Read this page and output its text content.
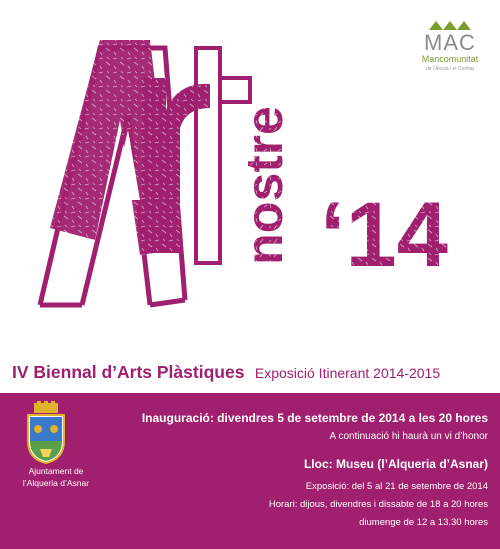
nostre ‘14
MAC
Mancomunitat
de l'Alcoià i el Comtat
IV Biennal d’Arts Plàstiques Exposició Itinerant 2014-2015
Ajuntament de
l’Alqueria d’Asnar

Inauguració: divendres 5 de setembre de 2014 a les 20 hores

A continuació hi haurà un vi d’honor

Lloc: Museu (l’Alqueria d’Asnar)

Exposició: del 5 al 21 de setembre de 2014

Horari: dijous, divendres i dissabte de 18 a 20 hores

diumenge de 12 a 13.30 hores
